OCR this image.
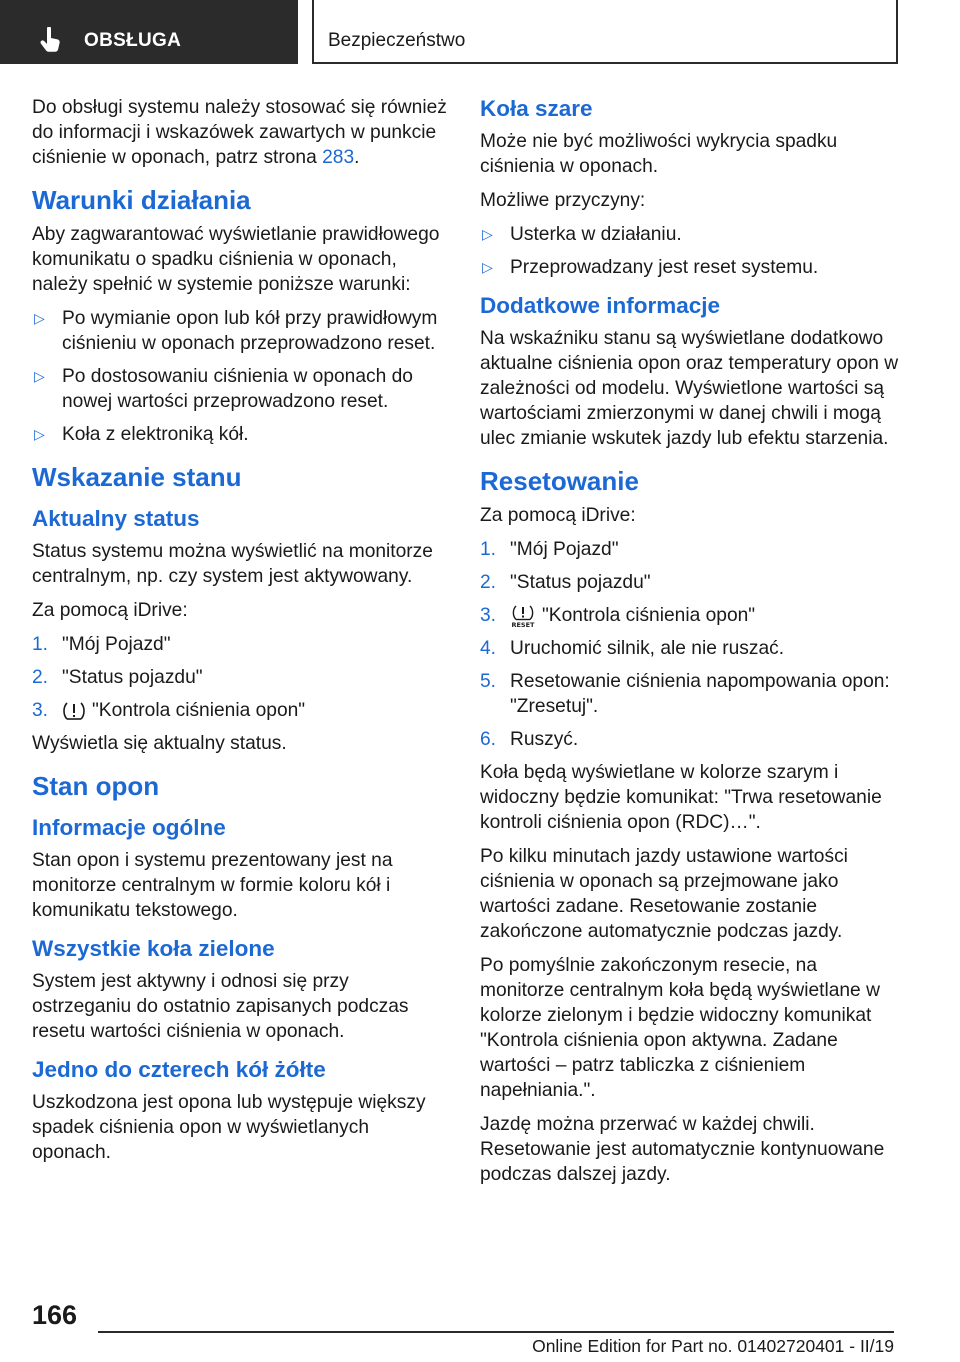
OBSŁUGA	Bezpieczeństwo

Do obsługi systemu należy stosować się również do informacji i wskazówek zawartych w punkcie ciśnienie w oponach, patrz strona 283.

Warunki działania

Aby zagwarantować wyświetlanie prawidłowego komunikatu o spadku ciśnienia w oponach, należy spełnić w systemie poniższe warunki:

▷ Po wymianie opon lub kół przy prawidłowym ciśnieniu w oponach przeprowadzono reset.
▷ Po dostosowaniu ciśnienia w oponach do nowej wartości przeprowadzono reset.
▷ Koła z elektroniką kół.
Wskazanie stanu
Aktualny status

Status systemu można wyświetlić na monitorze centralnym, np. czy system jest aktywowany.

Za pomocą iDrive:

1. "Mój Pojazd"
2. "Status pojazdu"
3. "Kontrola ciśnienia opon"

Wyświetla się aktualny status.

Stan opon
Informacje ogólne

Stan opon i systemu prezentowany jest na monitorze centralnym w formie koloru kół i komunikatu tekstowego.

Wszystkie koła zielone

System jest aktywny i odnosi się przy ostrzeganiu do ostatnio zapisanych podczas resetu wartości ciśnienia w oponach.

Jedno do czterech kół żółte

Uszkodzona jest opona lub występuje większy spadek ciśnienia opon w wyświetlanych oponach.

Koła szare

Może nie być możliwości wykrycia spadku ciśnienia w oponach.

Możliwe przyczyny:

▷ Usterka w działaniu.
▷ Przeprowadzany jest reset systemu.
Dodatkowe informacje

Na wskaźniku stanu są wyświetlane dodatkowo aktualne ciśnienia opon oraz temperatury opon w zależności od modelu. Wyświetlone wartości są wartościami zmierzonymi w danej chwili i mogą ulec zmianie wskutek jazdy lub efektu starzenia.

Resetowanie

Za pomocą iDrive:

1. "Mój Pojazd"
2. "Status pojazdu"
3. RESET "Kontrola ciśnienia opon"
4. Uruchomić silnik, ale nie ruszać.
5. Resetowanie ciśnienia napompowania opon: "Zresetuj".
6. Ruszyć.

Koła będą wyświetlane w kolorze szarym i widoczny będzie komunikat: "Trwa resetowanie kontroli ciśnienia opon (RDC)…".

Po kilku minutach jazdy ustawione wartości ciśnienia w oponach są przejmowane jako wartości zadane. Resetowanie zostanie zakończone automatycznie podczas jazdy.

Po pomyślnie zakończonym resecie, na monitorze centralnym koła będą wyświetlane w kolorze zielonym i będzie widoczny komunikat "Kontrola ciśnienia opon aktywna. Zadane wartości – patrz tabliczka z ciśnieniem napełniania.".

Jazdę można przerwać w każdej chwili. Resetowanie jest automatycznie kontynuowane podczas dalszej jazdy.

166
Online Edition for Part no. 01402720401 - II/19
